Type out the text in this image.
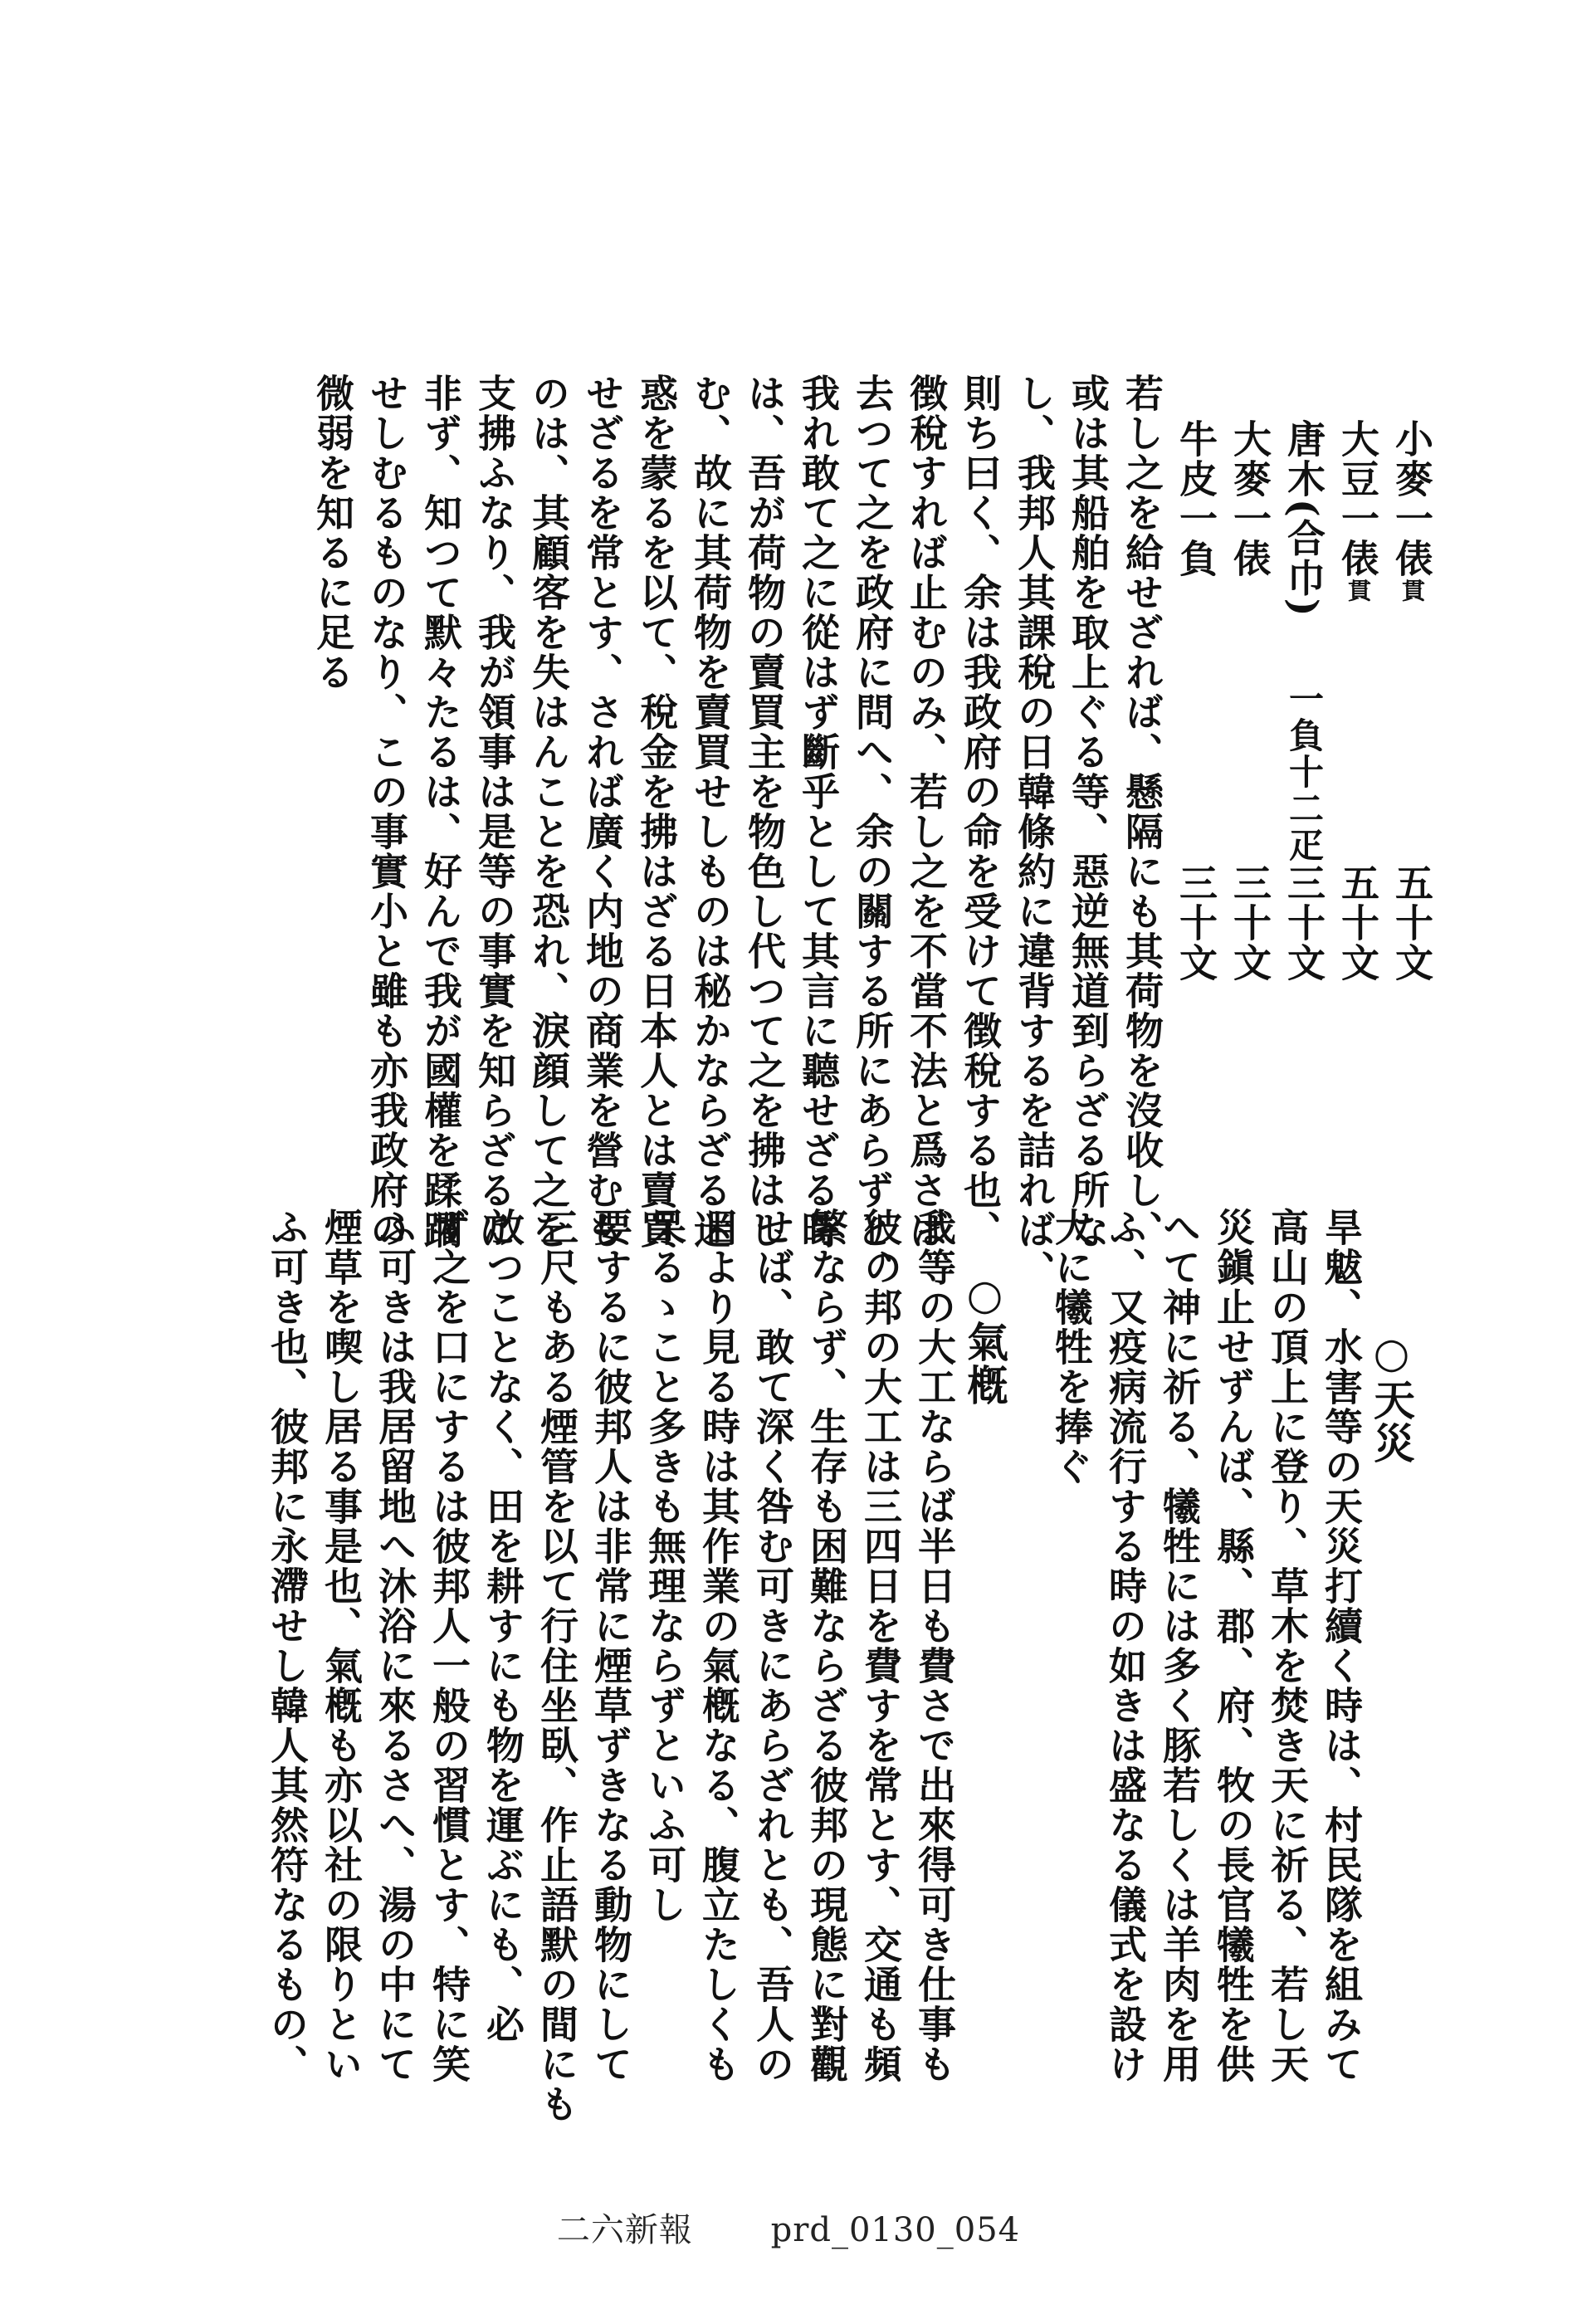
小麥一俵貫
五十文
大豆一俵貫
五十文
唐木(合巾)
一負十二疋
三十文
大麥一俵
三十文
牛皮一負
三十文
若し之を給せざれば、懸隔にも其荷物を沒收し、
或は其船舶を取上ぐる等、惡逆無道到らざる所な
し、我邦人其課稅の日韓條約に違背するを詰れば、
則ち曰く、余は我政府の命を受けて徴稅する也、
徴稅すれば止むのみ、若し之を不當不法と爲さば
去つて之を政府に問へ、余の關する所にあらずと、
我れ敢て之に從はず斷乎として其言に聽せざる時
は、吾が荷物の賣買主を物色し代つて之を拂はし
む、故に其荷物を賣買せしものは秘かならざる迷
惑を蒙るを以て、稅金を拂はざる日本人とは賣買
せざるを常とす、されば廣く内地の商業を營むも
のは、其顧客を失はんことを恐れ、淚顔して之を
支拂ふなり、我が領事は是等の事實を知らざるに
非ず、知つて默々たるは、好んで我が國權を蹂躙
せしむるものなり、この事實小と雖も亦我政府の
微弱を知るに足る
○天災
旱魃、水害等の天災打續く時は、村民隊を組みて
高山の頂上に登り、草木を焚き天に祈る、若し天
災鎭止せずんば、縣、郡、府、牧の長官犧牲を供
へて神に祈る、犧牲には多く豚若しくは羊肉を用
ふ、又疫病流行する時の如きは盛なる儀式を設け
大に犧牲を捧ぐ
○氣槪
我等の大工ならば半日も費さで出來得可き仕事も
彼の邦の大工は三四日を費すを常とす、交通も頻
繁ならず、生存も困難ならざる彼邦の現態に對觀
せば、敢て深く咎む可きにあらざれとも、吾人の
目より見る時は其作業の氣槪なる、腹立たしくも
呆るゝこと多きも無理ならずといふ可し
要するに彼邦人は非常に煙草ずきなる動物にして
三尺もある煙管を以て行住坐臥、作止語默の間にも
放つことなく、田を耕すにも物を運ぶにも、必
ず之を口にするは彼邦人一般の習慣とす、特に笑
ふ可きは我居留地へ沐浴に來るさへ、湯の中にて
煙草を喫し居る事是也、氣槪も亦以社の限りとい
ふ可き也、彼邦に永滯せし韓人其然符なるもの、
二六新報 prd_0130_054
